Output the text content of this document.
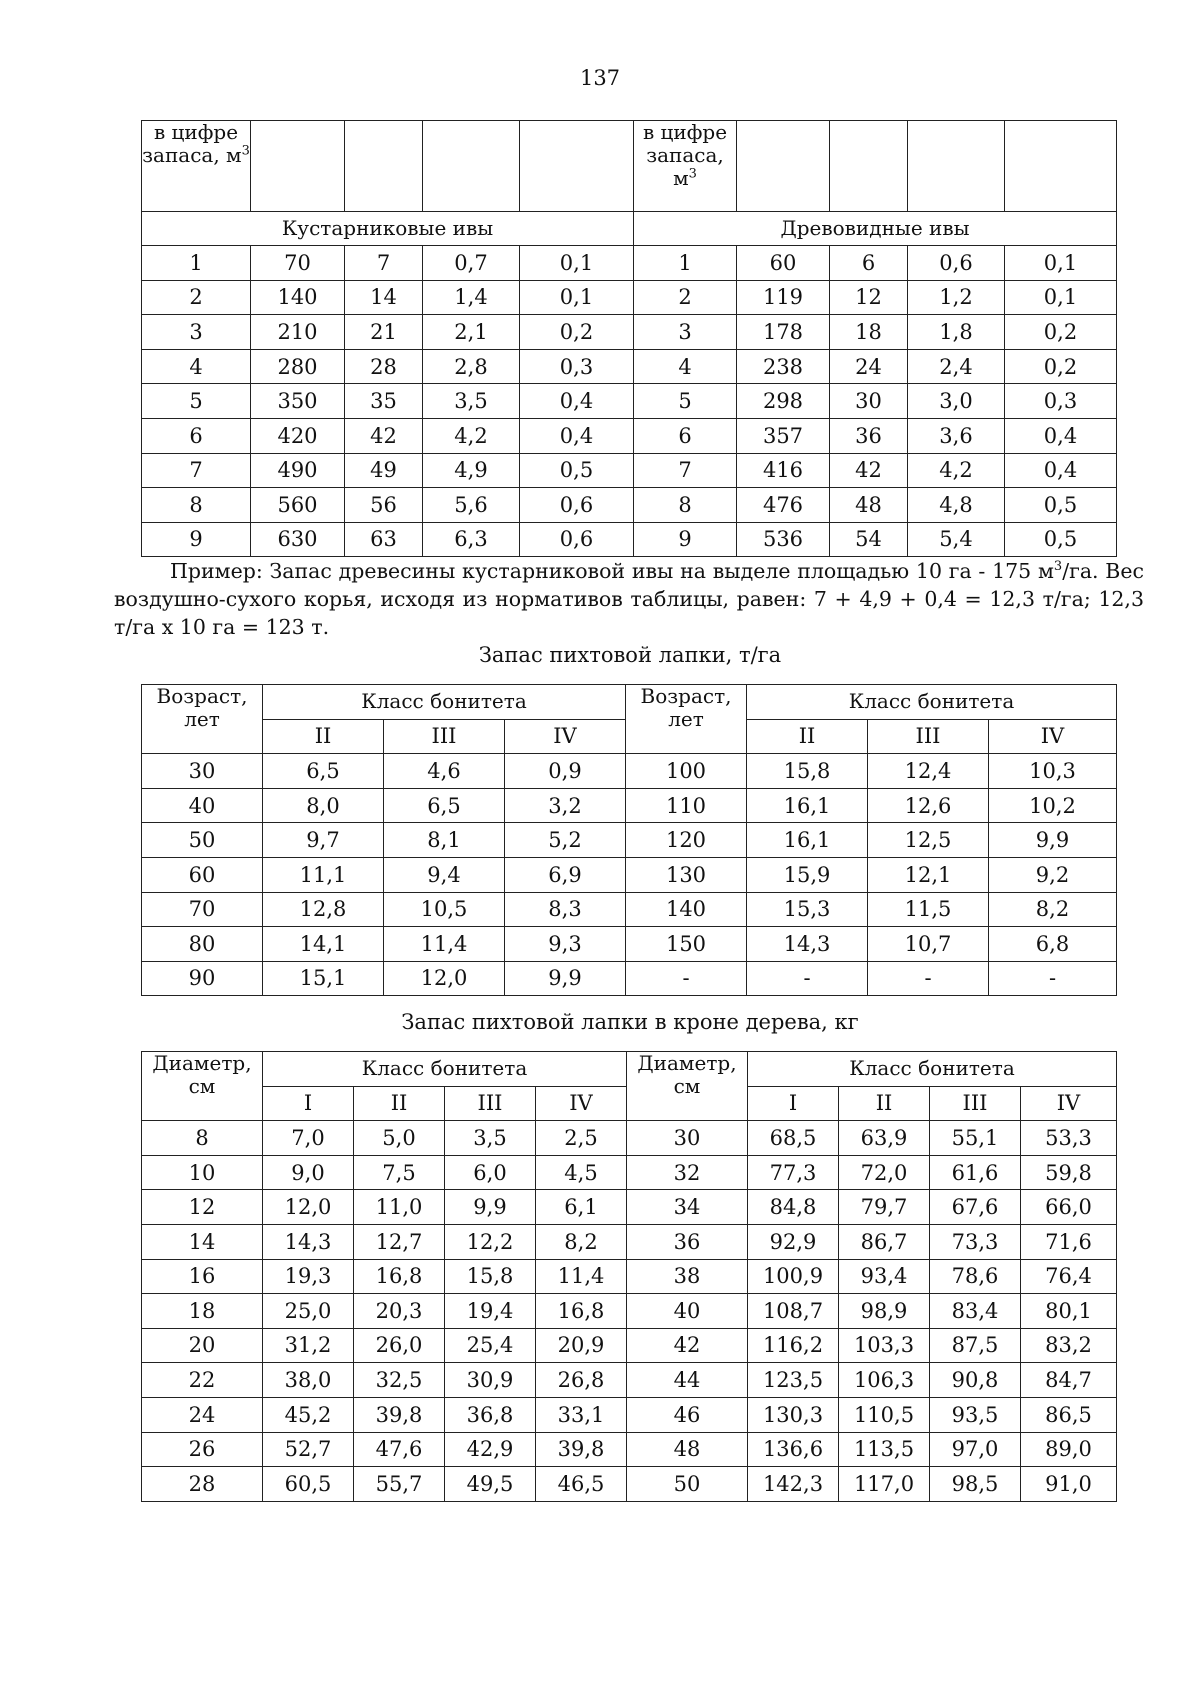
137
в цифре запаса, $м^3$					в цифре запаса, $м^3$				
Кустарниковые ивы					Древовидные ивы				
1	70	7	0,7	0,1	1	60	6	0,6	0,1
2	140	14	1,4	0,1	2	119	12	1,2	0,1
3	210	21	2,1	0,2	3	178	18	1,8	0,2
4	280	28	2,8	0,3	4	238	24	2,4	0,2
5	350	35	3,5	0,4	5	298	30	3,0	0,3
6	420	42	4,2	0,4	6	357	36	3,6	0,4
7	490	49	4,9	0,5	7	416	42	4,2	0,4
8	560	56	5,6	0,6	8	476	48	4,8	0,5
9	630	63	6,3	0,6	9	536	54	5,4	0,5
Пример: Запас древесины кустарниковой ивы на выделе площадью 10 га - 175 $м^3/га$. Вес воздушно-сухого корья, исходя из нормативов таблицы, равен: 7 + 4,9 + 0,4 = 12,3 т/га; 12,3 т/га х 10 га = 123 т.
Запас пихтовой лапки, т/га
Возраст, лет	Класс бонитета			Возраст, лет	Класс бонитета		
	II	III	IV		II	III	IV
30	6,5	4,6	0,9	100	15,8	12,4	10,3
40	8,0	6,5	3,2	110	16,1	12,6	10,2
50	9,7	8,1	5,2	120	16,1	12,5	9,9
60	11,1	9,4	6,9	130	15,9	12,1	9,2
70	12,8	10,5	8,3	140	15,3	11,5	8,2
80	14,1	11,4	9,3	150	14,3	10,7	6,8
90	15,1	12,0	9,9	-	-	-	-
Запас пихтовой лапки в кроне дерева, кг
Диаметр, см	Класс бонитета				Диаметр, см	Класс бонитета			
	I	II	III	IV		I	II	III	IV
8	7,0	5,0	3,5	2,5	30	68,5	63,9	55,1	53,3
10	9,0	7,5	6,0	4,5	32	77,3	72,0	61,6	59,8
12	12,0	11,0	9,9	6,1	34	84,8	79,7	67,6	66,0
14	14,3	12,7	12,2	8,2	36	92,9	86,7	73,3	71,6
16	19,3	16,8	15,8	11,4	38	100,9	93,4	78,6	76,4
18	25,0	20,3	19,4	16,8	40	108,7	98,9	83,4	80,1
20	31,2	26,0	25,4	20,9	42	116,2	103,3	87,5	83,2
22	38,0	32,5	30,9	26,8	44	123,5	106,3	90,8	84,7
24	45,2	39,8	36,8	33,1	46	130,3	110,5	93,5	86,5
26	52,7	47,6	42,9	39,8	48	136,6	113,5	97,0	89,0
28	60,5	55,7	49,5	46,5	50	142,3	117,0	98,5	91,0
